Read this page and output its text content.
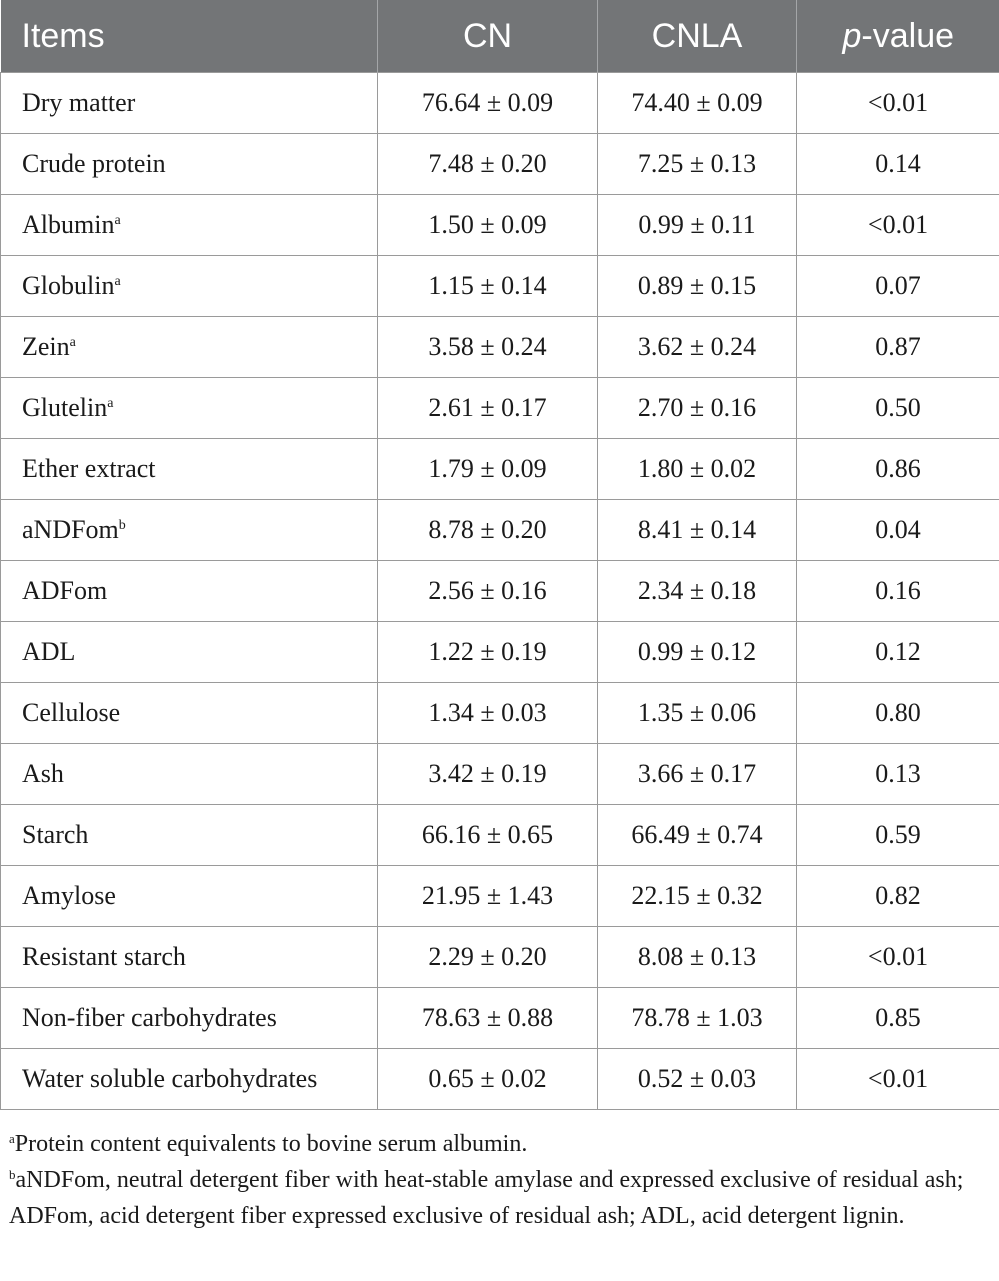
Items	CN	CNLA	p-value
Dry matter	76.64 ± 0.09	74.40 ± 0.09	<0.01
Crude protein	7.48 ± 0.20	7.25 ± 0.13	0.14
Albumin$^a$	1.50 ± 0.09	0.99 ± 0.11	<0.01
Globulin$^a$	1.15 ± 0.14	0.89 ± 0.15	0.07
Zein$^a$	3.58 ± 0.24	3.62 ± 0.24	0.87
Glutelin$^a$	2.61 ± 0.17	2.70 ± 0.16	0.50
Ether extract	1.79 ± 0.09	1.80 ± 0.02	0.86
aNDFom$^b$	8.78 ± 0.20	8.41 ± 0.14	0.04
ADFom	2.56 ± 0.16	2.34 ± 0.18	0.16
ADL	1.22 ± 0.19	0.99 ± 0.12	0.12
Cellulose	1.34 ± 0.03	1.35 ± 0.06	0.80
Ash	3.42 ± 0.19	3.66 ± 0.17	0.13
Starch	66.16 ± 0.65	66.49 ± 0.74	0.59
Amylose	21.95 ± 1.43	22.15 ± 0.32	0.82
Resistant starch	2.29 ± 0.20	8.08 ± 0.13	<0.01
Non-fiber carbohydrates	78.63 ± 0.88	78.78 ± 1.03	0.85
Water soluble carbohydrates	0.65 ± 0.02	0.52 ± 0.03	<0.01

$^a$Protein content equivalents to bovine serum albumin.

$^b$aNDFom, neutral detergent fiber with heat-stable amylase and expressed exclusive of residual ash; ADFom, acid detergent fiber expressed exclusive of residual ash; ADL, acid detergent lignin.
